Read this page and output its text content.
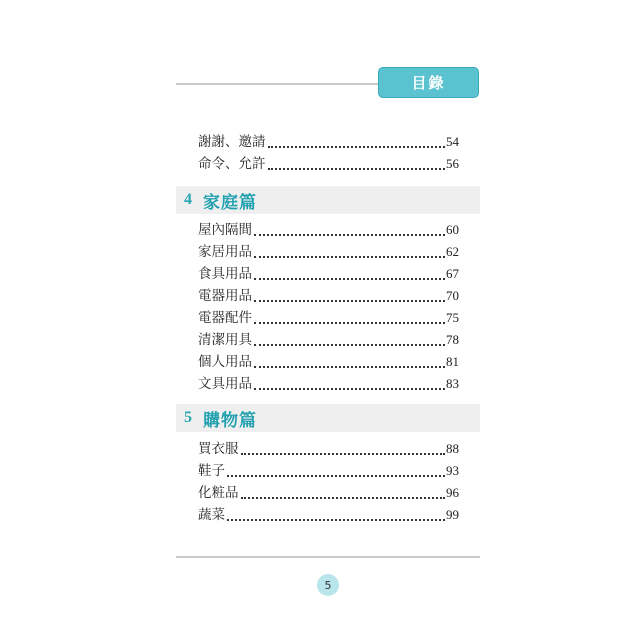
目錄
謝謝、邀請	54
命令、允許	56
4 家庭篇
屋內隔間	60
家居用品	62
食具用品	67
電器用品	70
電器配件	75
清潔用具	78
個人用品	81
文具用品	83
5 購物篇
買衣服	88
鞋子	93
化粧品	96
蔬菜	99
5
